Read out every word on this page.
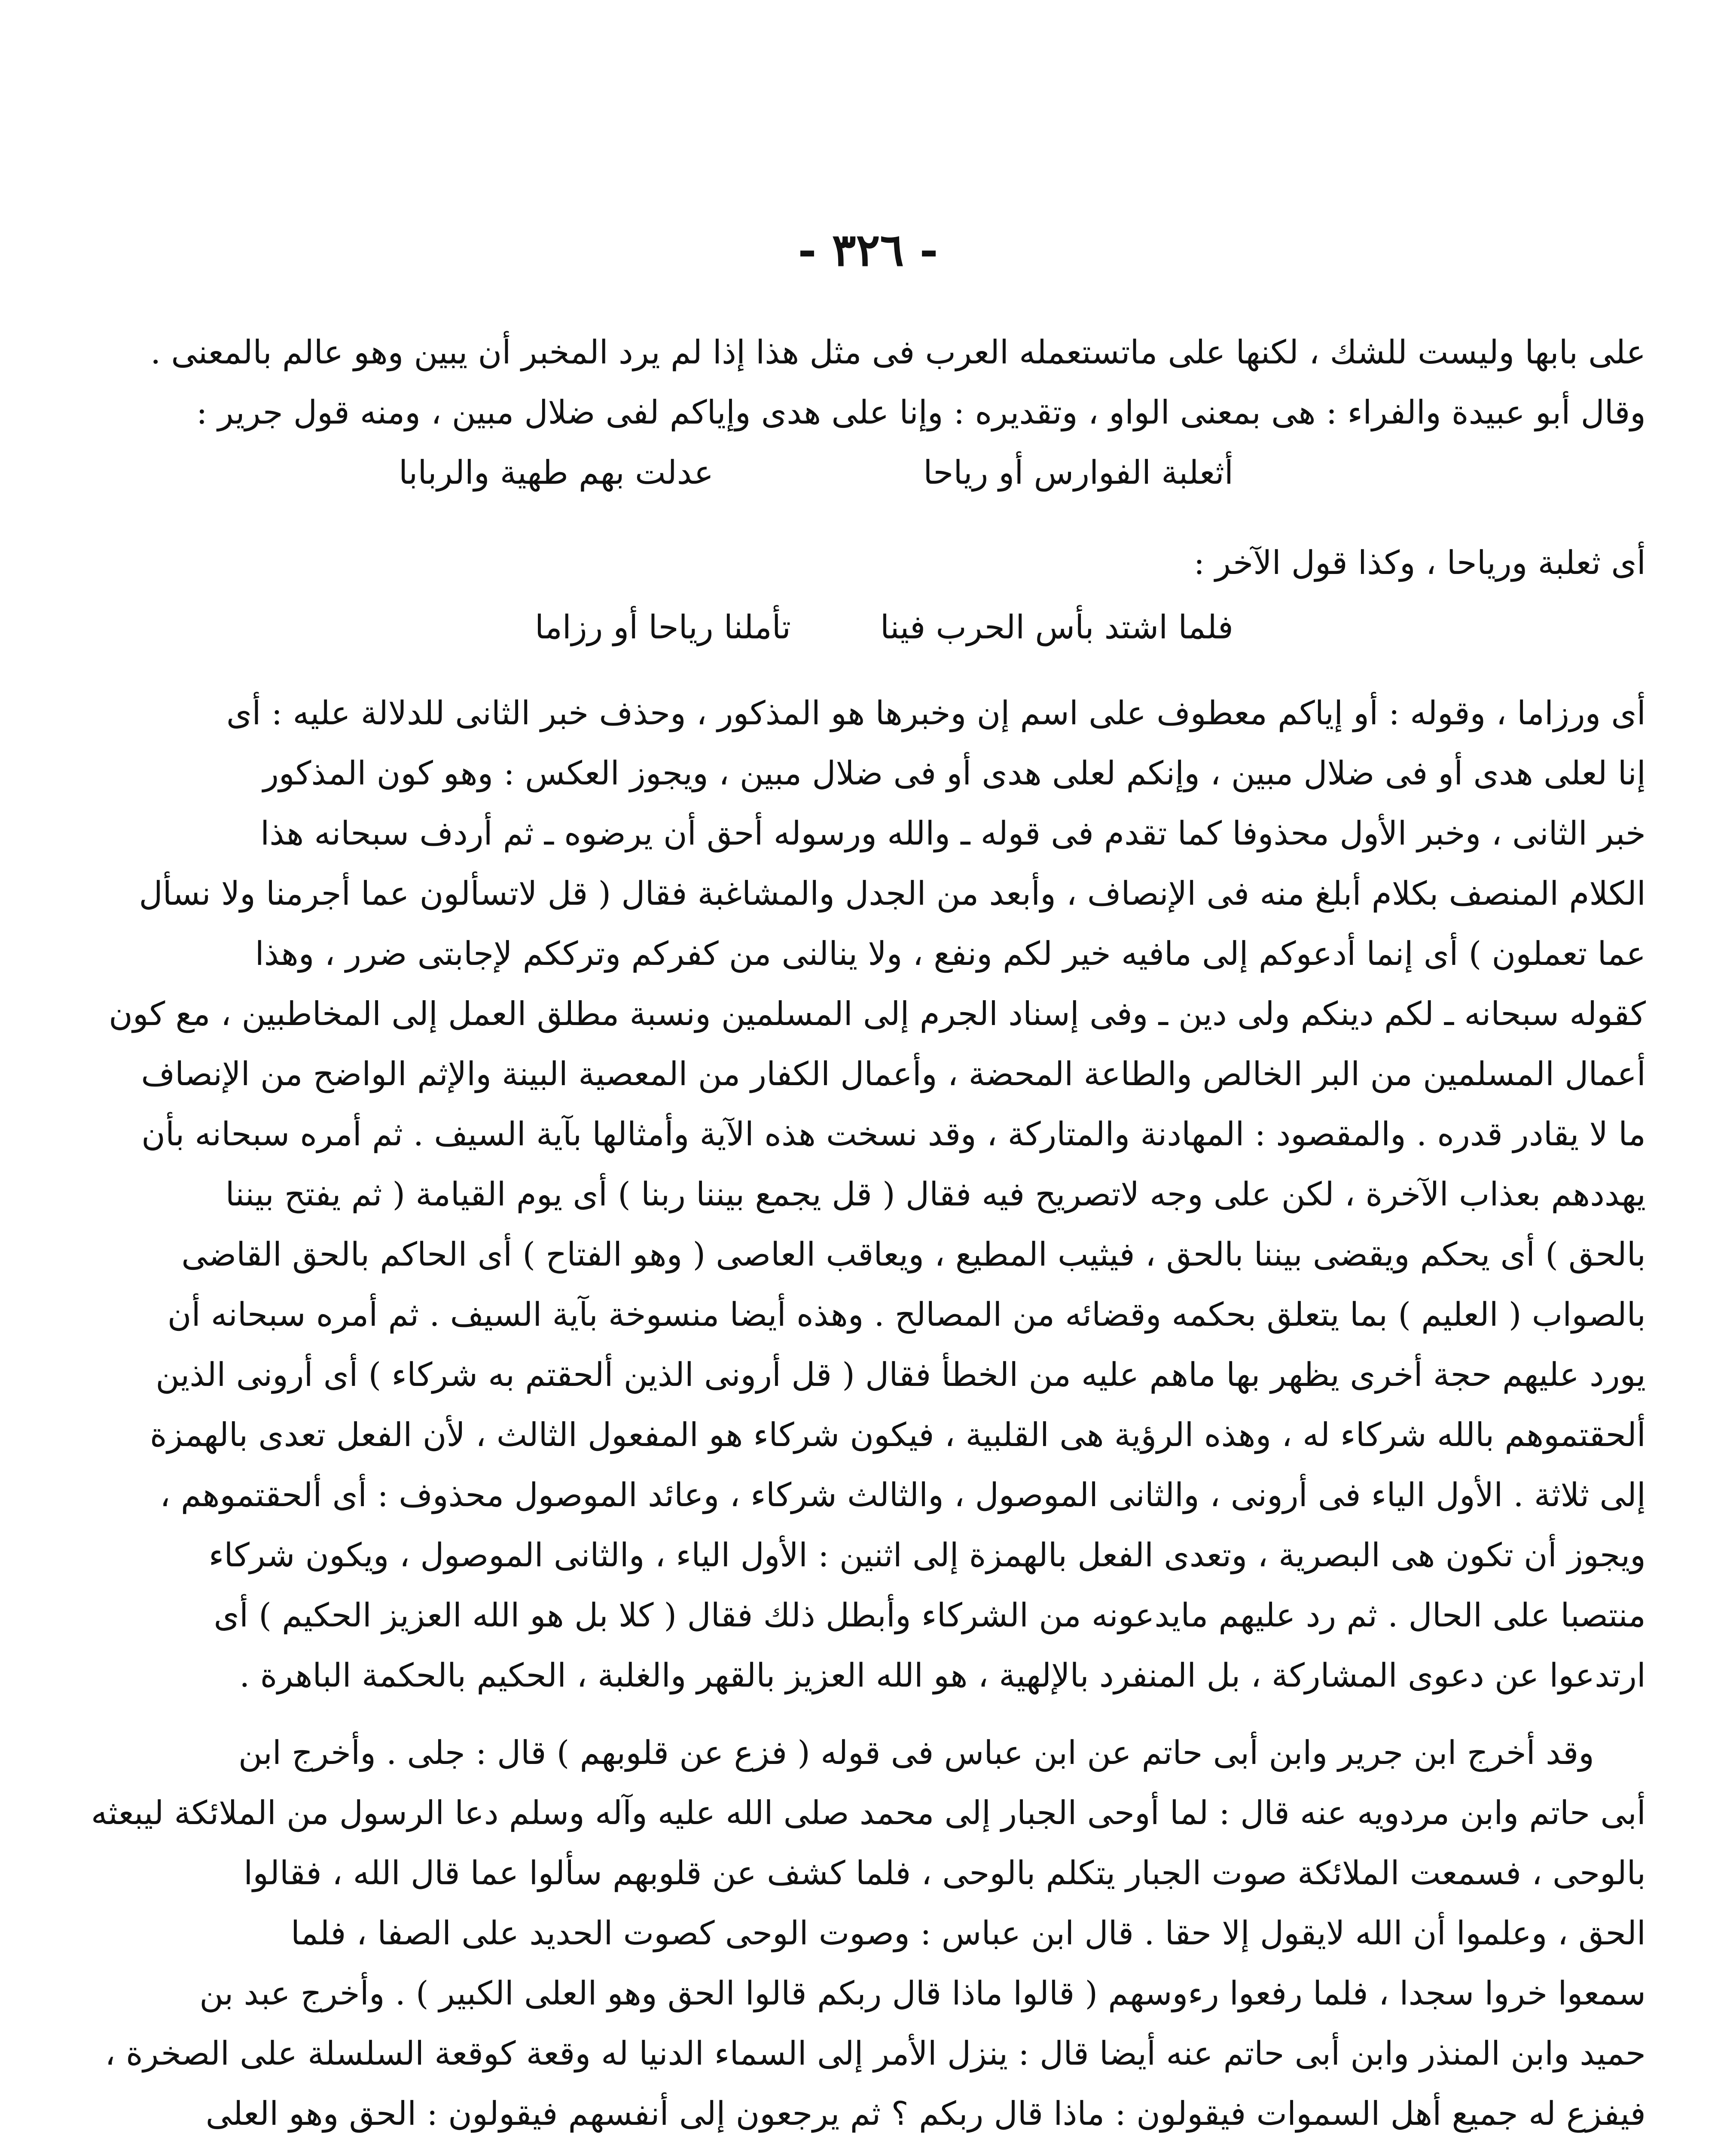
- ٣٢٦ -
على بابها وليست للشك ، لكنها على ماتستعمله العرب فى مثل هذا إذا لم يرد المخبر أن يبين وهو عالم بالمعنى .
وقال أبو عبيدة والفراء : هى بمعنى الواو ، وتقديره : وإنا على هدى وإياكم لفى ضلال مبين ، ومنه قول جرير :
أثعلبة الفوارس أو رياحا
عدلت بهم طهية والربابا
أى ثعلبة ورياحا ، وكذا قول الآخر :
فلما اشتد بأس الحرب فينا
تأملنا رياحا أو رزاما
أى ورزاما ، وقوله : أو إياكم معطوف على اسم إن وخبرها هو المذكور ، وحذف خبر الثانى للدلالة عليه : أى
إنا لعلى هدى أو فى ضلال مبين ، وإنكم لعلى هدى أو فى ضلال مبين ، ويجوز العكس : وهو كون المذكور
خبر الثانى ، وخبر الأول محذوفا كما تقدم فى قوله ـ والله ورسوله أحق أن يرضوه ـ ثم أردف سبحانه هذا
الكلام المنصف بكلام أبلغ منه فى الإنصاف ، وأبعد من الجدل والمشاغبة فقال ( قل لاتسألون عما أجرمنا ولا نسأل
عما تعملون ) أى إنما أدعوكم إلى مافيه خير لكم ونفع ، ولا ينالنى من كفركم وترككم لإجابتى ضرر ، وهذا
كقوله سبحانه ـ لكم دينكم ولى دين ـ وفى إسناد الجرم إلى المسلمين ونسبة مطلق العمل إلى المخاطبين ، مع كون
أعمال المسلمين من البر الخالص والطاعة المحضة ، وأعمال الكفار من المعصية البينة والإثم الواضح من الإنصاف
ما لا يقادر قدره . والمقصود : المهادنة والمتاركة ، وقد نسخت هذه الآية وأمثالها بآية السيف . ثم أمره سبحانه بأن
يهددهم بعذاب الآخرة ، لكن على وجه لاتصريح فيه فقال ( قل يجمع بيننا ربنا ) أى يوم القيامة ( ثم يفتح بيننا
بالحق ) أى يحكم ويقضى بيننا بالحق ، فيثيب المطيع ، ويعاقب العاصى ( وهو الفتاح ) أى الحاكم بالحق القاضى
بالصواب ( العليم ) بما يتعلق بحكمه وقضائه من المصالح . وهذه أيضا منسوخة بآية السيف . ثم أمره سبحانه أن
يورد عليهم حجة أخرى يظهر بها ماهم عليه من الخطأ فقال ( قل أرونى الذين ألحقتم به شركاء ) أى أرونى الذين
ألحقتموهم بالله شركاء له ، وهذه الرؤية هى القلبية ، فيكون شركاء هو المفعول الثالث ، لأن الفعل تعدى بالهمزة
إلى ثلاثة . الأول الياء فى أرونى ، والثانى الموصول ، والثالث شركاء ، وعائد الموصول محذوف : أى ألحقتموهم ،
ويجوز أن تكون هى البصرية ، وتعدى الفعل بالهمزة إلى اثنين : الأول الياء ، والثانى الموصول ، ويكون شركاء
منتصبا على الحال . ثم رد عليهم مايدعونه من الشركاء وأبطل ذلك فقال ( كلا بل هو الله العزيز الحكيم ) أى
ارتدعوا عن دعوى المشاركة ، بل المنفرد بالإلهية ، هو الله العزيز بالقهر والغلبة ، الحكيم بالحكمة الباهرة .
وقد أخرج ابن جرير وابن أبى حاتم عن ابن عباس فى قوله ( فزع عن قلوبهم ) قال : جلى . وأخرج ابن
أبى حاتم وابن مردويه عنه قال : لما أوحى الجبار إلى محمد صلى الله عليه وآله وسلم دعا الرسول من الملائكة ليبعثه
بالوحى ، فسمعت الملائكة صوت الجبار يتكلم بالوحى ، فلما كشف عن قلوبهم سألوا عما قال الله ، فقالوا
الحق ، وعلموا أن الله لايقول إلا حقا . قال ابن عباس : وصوت الوحى كصوت الحديد على الصفا ، فلما
سمعوا خروا سجدا ، فلما رفعوا رءوسهم ( قالوا ماذا قال ربكم قالوا الحق وهو العلى الكبير ) . وأخرج عبد بن
حميد وابن المنذر وابن أبى حاتم عنه أيضا قال : ينزل الأمر إلى السماء الدنيا له وقعة كوقعة السلسلة على الصخرة ،
فيفزع له جميع أهل السموات فيقولون : ماذا قال ربكم ؟ ثم يرجعون إلى أنفسهم فيقولون : الحق وهو العلى
